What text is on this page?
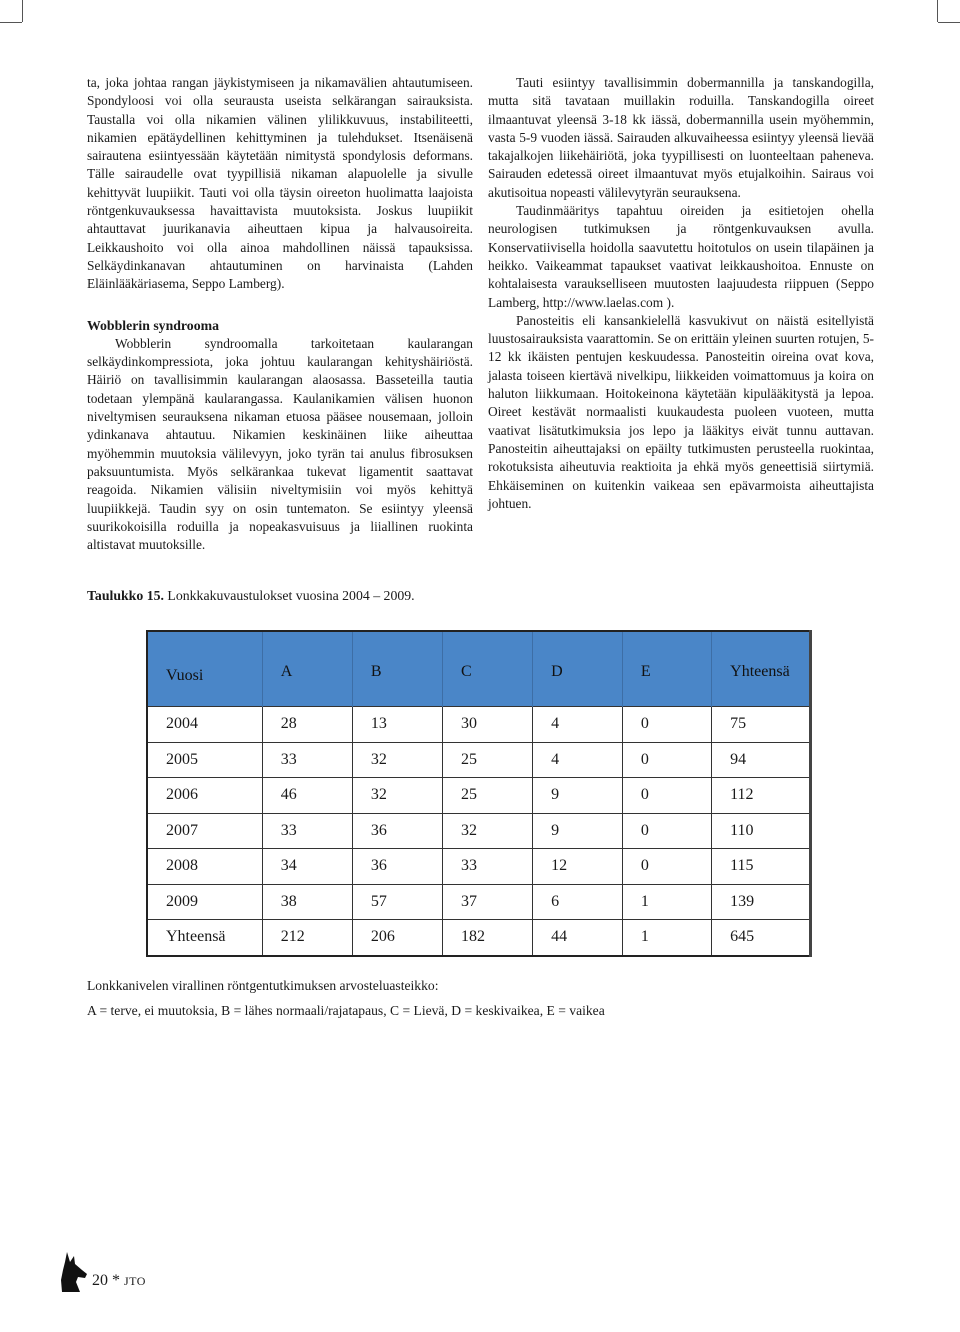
ta, joka johtaa rangan jäykistymiseen ja nikamavälien ahtautumiseen. Spondyloosi voi olla seurausta useista selkärangan sairauksista. Taustalla voi olla nikamien välinen ylilikkuvuus, instabiliteetti, nikamien epätäydellinen kehittyminen ja tulehdukset. Itsenäisenä sairautena esiintyessään käytetään nimitystä spondylosis deformans. Tälle sairaudelle ovat tyypillisiä nikaman alapuolelle ja sivulle kehittyvät luupiikit. Tauti voi olla täysin oireeton huolimatta laajoista röntgenkuvauksessa havaittavista muutoksista. Joskus luupiikit ahtauttavat juurikanavia aiheuttaen kipua ja halvausoireita. Leikkaushoito voi olla ainoa mahdollinen näissä tapauksissa. Selkäydinkanavan ahtautuminen on harvinaista (Lahden Eläinlääkäriasema, Seppo Lamberg).

Wobblerin syndrooma

Wobblerin syndroomalla tarkoitetaan kaularangan selkäydinkompressiota, joka johtuu kaularangan kehityshäiriöstä. Häiriö on tavallisimmin kaularangan alaosassa. Basseteilla tautia todetaan ylempänä kaularangassa. Kaulanikamien välisen huonon niveltymisen seurauksena nikaman etuosa pääsee nousemaan, jolloin ydinkanava ahtautuu. Nikamien keskinäinen liike aiheuttaa myöhemmin muutoksia välilevyyn, joko tyrän tai anulus fibrosuksen paksuuntumista. Myös selkärankaa tukevat ligamentit saattavat reagoida. Nikamien välisiin niveltymisiin voi myös kehittyä luupiikkejä. Taudin syy on osin tuntematon. Se esiintyy yleensä suurikokoisilla roduilla ja nopeakasvuisuus ja liiallinen ruokinta altistavat muutoksille.

Tauti esiintyy tavallisimmin dobermannilla ja tanskandogilla, mutta sitä tavataan muillakin roduilla. Tanskandogilla oireet ilmaantuvat yleensä 3-18 kk iässä, dobermannilla usein myöhemmin, vasta 5-9 vuoden iässä. Sairauden alkuvaiheessa esiintyy yleensä lievää takajalkojen liikehäiriötä, joka tyypillisesti on luonteeltaan paheneva. Sairauden edetessä oireet ilmaantuvat myös etujalkoihin. Sairaus voi akutisoitua nopeasti välilevytyrän seurauksena.

Taudinmääritys tapahtuu oireiden ja esitietojen ohella neurologisen tutkimuksen ja röntgenkuvauksen avulla. Konservatiivisella hoidolla saavutettu hoitotulos on usein tilapäinen ja heikko. Vaikeammat tapaukset vaativat leikkaushoitoa. Ennuste on kohtalaisesta varaukselliseen muutosten laajuudesta riippuen (Seppo Lamberg, http://www.laelas.com ).

Panosteitis eli kansankielellä kasvukivut on näistä esitellyistä luustosairauksista vaarattomin. Se on erittäin yleinen suurten rotujen, 5-12 kk ikäisten pentujen keskuudessa. Panosteitin oireina ovat kova, jalasta toiseen kiertävä nivelkipu, liikkeiden voimattomuus ja koira on haluton liikkumaan. Hoitokeinona käytetään kipulääkitystä ja lepoa. Oireet kestävät normaalisti kuukaudesta puoleen vuoteen, mutta vaativat lisätutkimuksia jos lepo ja lääkitys eivät tunnu auttavan. Panosteitin aiheuttajaksi on epäilty tutkimusten perusteella ruokintaa, rokotuksista aiheutuvia reaktioita ja ehkä myös geneettisiä siirtymiä. Ehkäiseminen on kuitenkin vaikeaa sen epävarmoista aiheuttajista johtuen.

Taulukko 15. Lonkkakuvaustulokset vuosina 2004 – 2009.
Vuosi	A	B	C	D	E	Yhteensä
2004	28	13	30	4	0	75
2005	33	32	25	4	0	94
2006	46	32	25	9	0	112
2007	33	36	32	9	0	110
2008	34	36	33	12	0	115
2009	38	57	37	6	1	139
Yhteensä	212	206	182	44	1	645

Lonkkanivelen virallinen röntgentutkimuksen arvosteluasteikko:

A = terve, ei muutoksia, B = lähes normaali/rajatapaus, C = Lievä, D = keskivaikea, E = vaikea

20 * JTO
